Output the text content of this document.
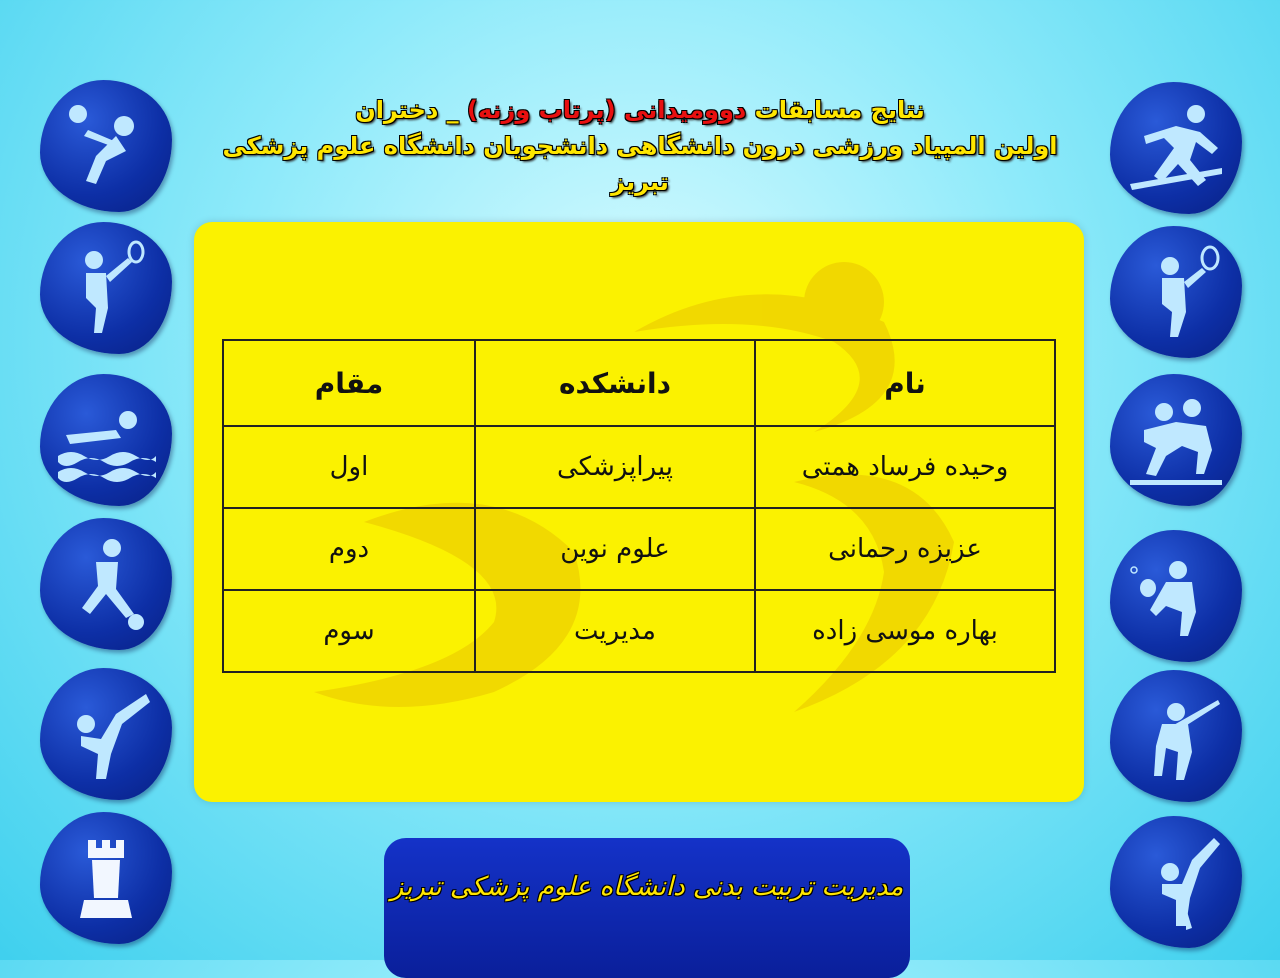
نتایج مسابقات دوومیدانی (پرتاب وزنه) _ دختران
اولین المپیاد ورزشی درون دانشگاهی دانشجویان دانشگاه علوم پزشکی تبریز
نام	دانشکده	مقام
وحیده فرساد همتی	پیراپزشکی	اول
عزیزه رحمانی	علوم نوین	دوم
بهاره موسی زاده	مدیریت	سوم
مدیریت تربیت بدنی دانشگاه علوم پزشکی تبریز
